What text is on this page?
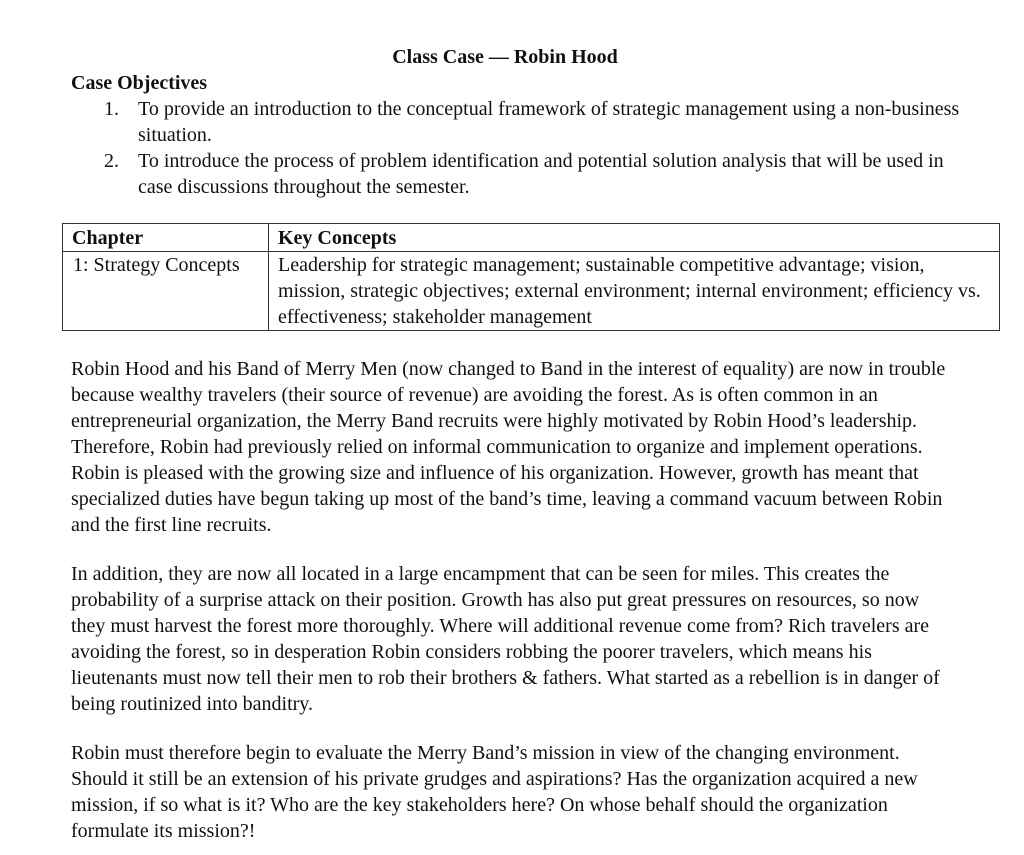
Class Case — Robin Hood
Case Objectives
1. To provide an introduction to the conceptual framework of strategic management using a non-business situation.
2. To introduce the process of problem identification and potential solution analysis that will be used in case discussions throughout the semester.
Chapter	Key Concepts
1: Strategy Concepts	Leadership for strategic management; sustainable competitive advantage; vision, mission, strategic objectives; external environment; internal environment; efficiency vs. effectiveness; stakeholder management

Robin Hood and his Band of Merry Men (now changed to Band in the interest of equality) are now in trouble because wealthy travelers (their source of revenue) are avoiding the forest. As is often common in an entrepreneurial organization, the Merry Band recruits were highly motivated by Robin Hood’s leadership. Therefore, Robin had previously relied on informal communication to organize and implement operations. Robin is pleased with the growing size and influence of his organization. However, growth has meant that specialized duties have begun taking up most of the band’s time, leaving a command vacuum between Robin and the first line recruits.

In addition, they are now all located in a large encampment that can be seen for miles. This creates the probability of a surprise attack on their position. Growth has also put great pressures on resources, so now they must harvest the forest more thoroughly. Where will additional revenue come from? Rich travelers are avoiding the forest, so in desperation Robin considers robbing the poorer travelers, which means his lieutenants must now tell their men to rob their brothers & fathers. What started as a rebellion is in danger of being routinized into banditry.

Robin must therefore begin to evaluate the Merry Band’s mission in view of the changing environment. Should it still be an extension of his private grudges and aspirations? Has the organization acquired a new mission, if so what is it? Who are the key stakeholders here? On whose behalf should the organization formulate its mission?!
